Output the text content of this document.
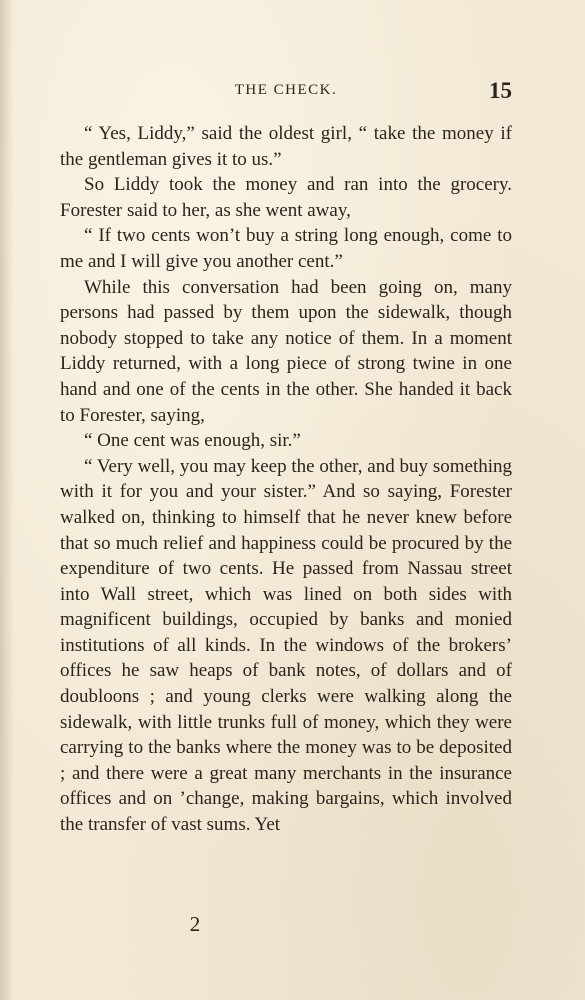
THE CHECK.	15

“ Yes, Liddy,” said the oldest girl, “ take the money if the gentleman gives it to us.”

So Liddy took the money and ran into the grocery. Forester said to her, as she went away,

“ If two cents won’t buy a string long enough, come to me and I will give you another cent.”

While this conversation had been going on, many persons had passed by them upon the sidewalk, though nobody stopped to take any notice of them. In a moment Liddy returned, with a long piece of strong twine in one hand and one of the cents in the other. She handed it back to Forester, saying,

“ One cent was enough, sir.”

“ Very well, you may keep the other, and buy something with it for you and your sister.” And so saying, Forester walked on, thinking to himself that he never knew before that so much relief and happiness could be procured by the expenditure of two cents. He passed from Nassau street into Wall street, which was lined on both sides with magnificent buildings, occupied by banks and monied institutions of all kinds. In the windows of the brokers’ offices he saw heaps of bank notes, of dollars and of doubloons ; and young clerks were walking along the sidewalk, with little trunks full of money, which they were carrying to the banks where the money was to be deposited ; and there were a great many merchants in the insurance offices and on ’change, making bargains, which involved the transfer of vast sums. Yet

2
